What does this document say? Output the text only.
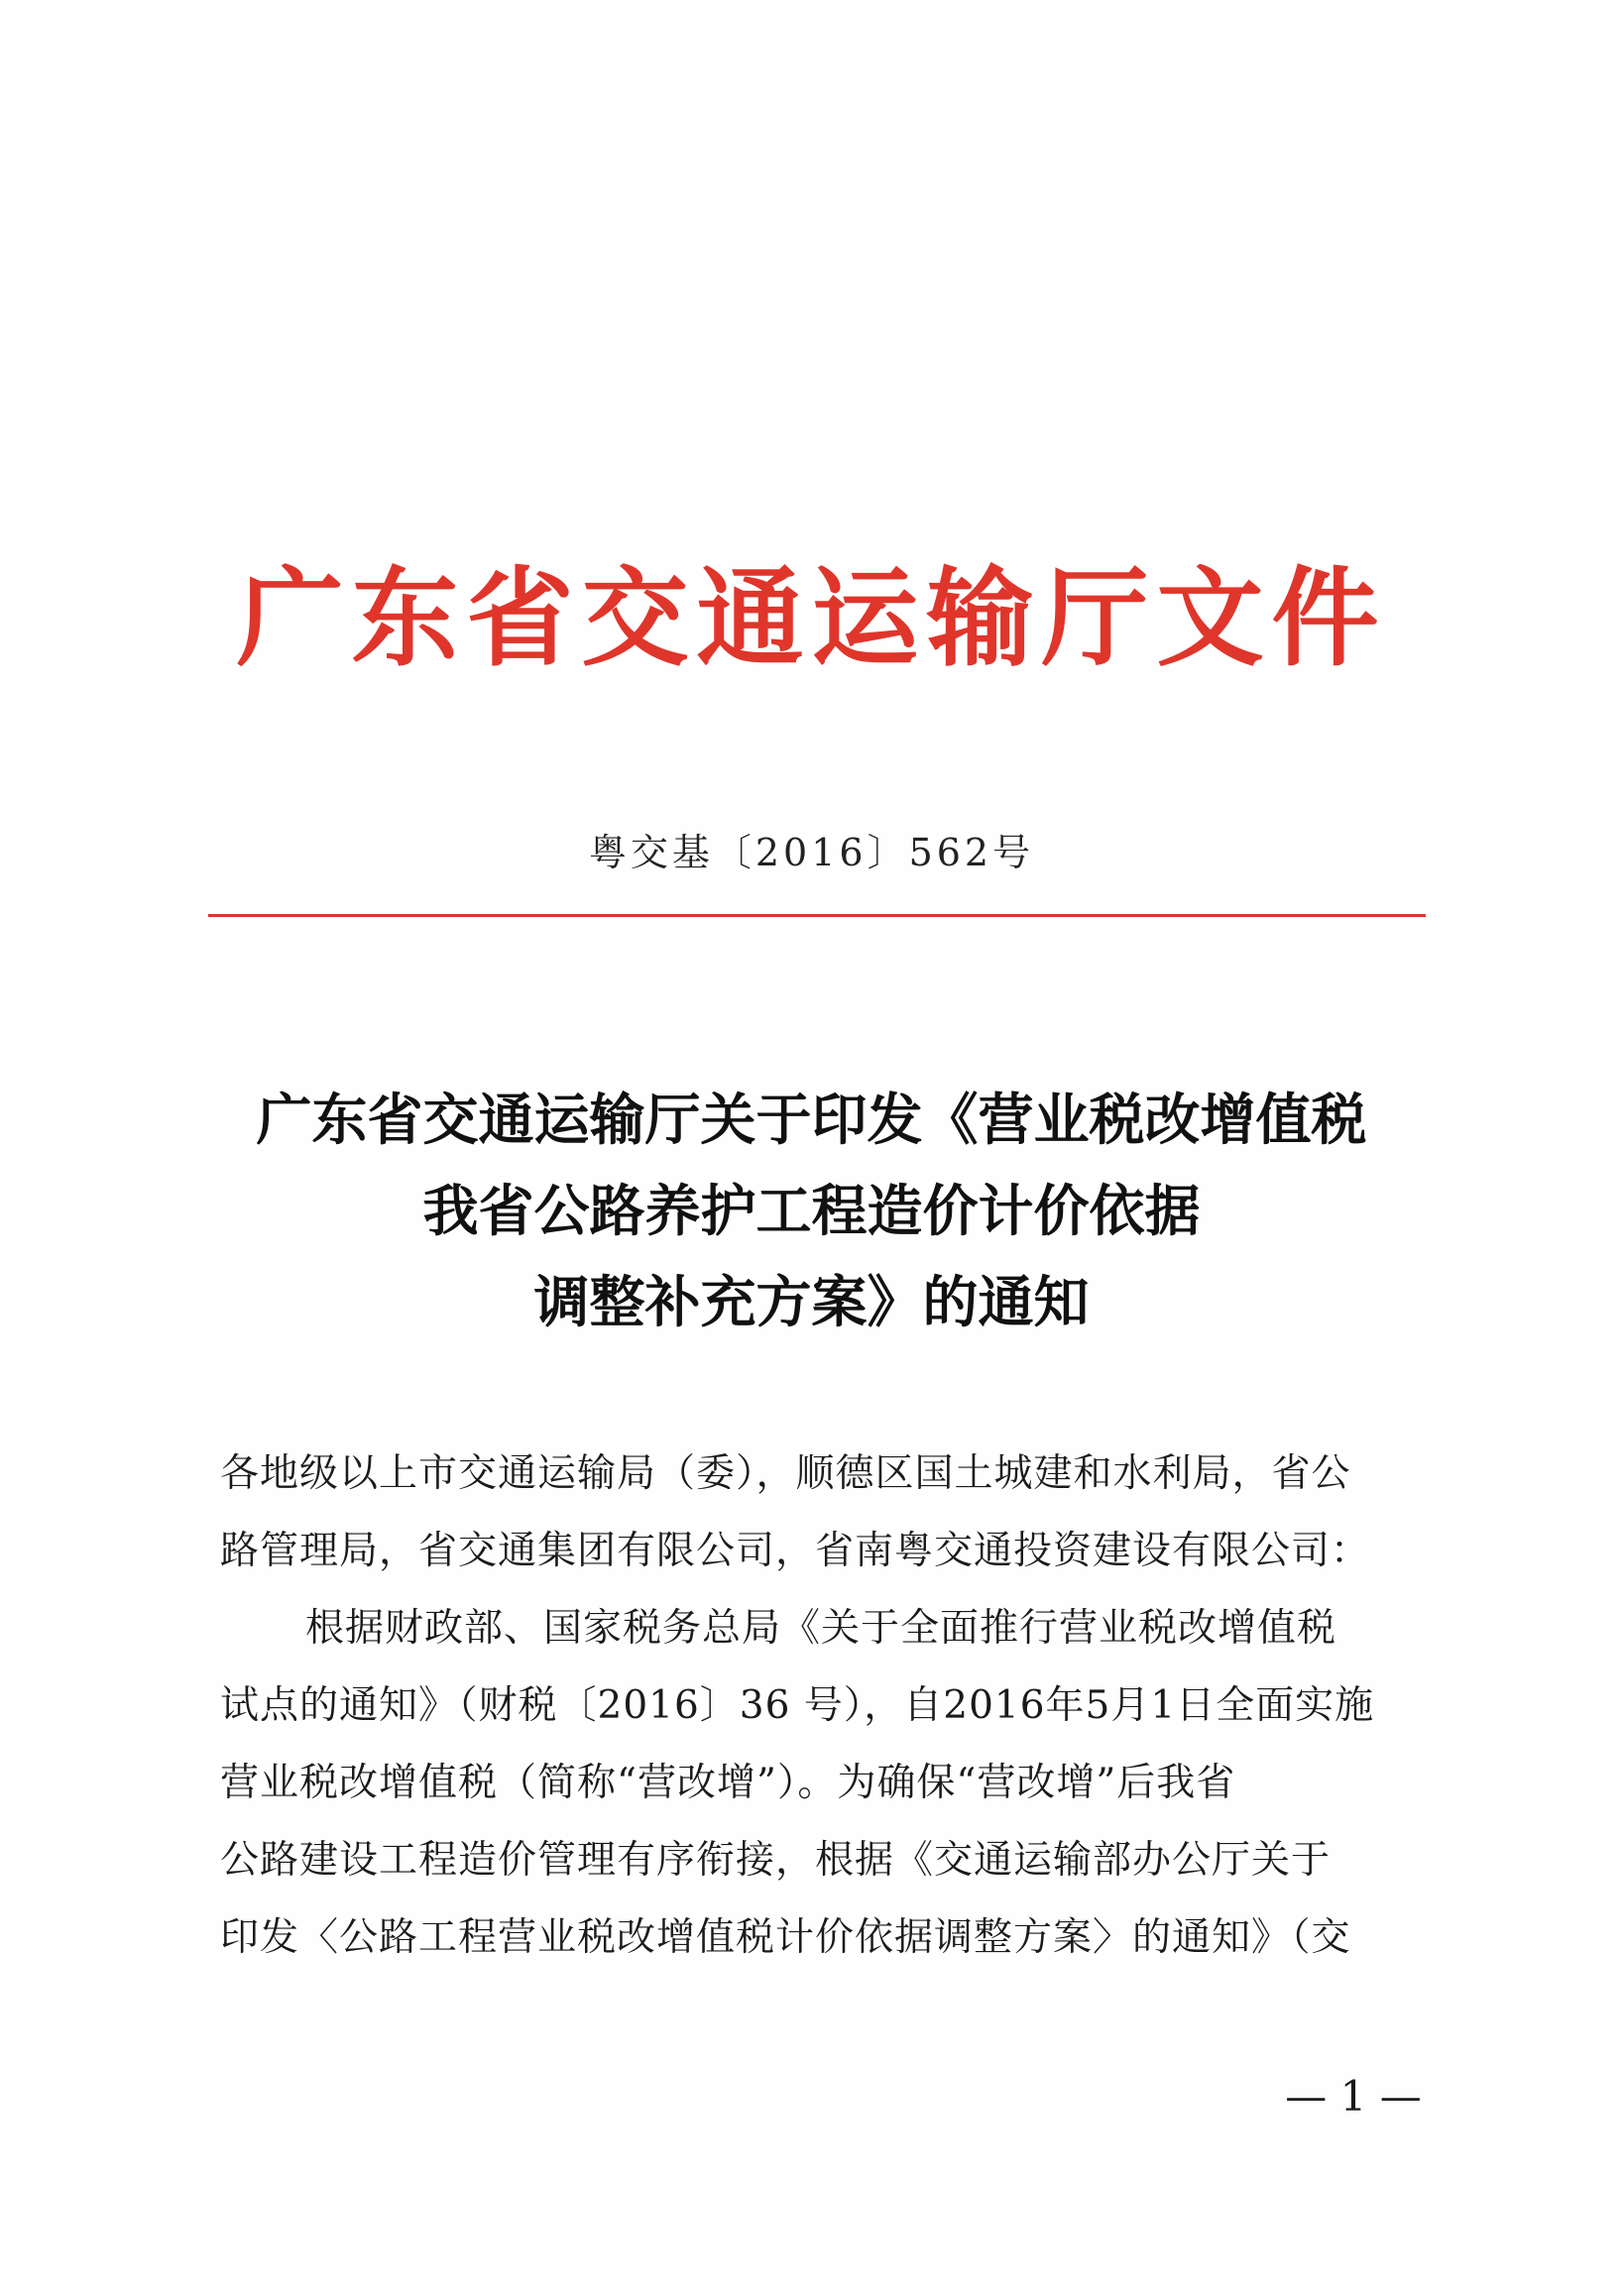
广东省交通运输厅文件
粤交基〔2016〕562号
广东省交通运输厅关于印发《营业税改增值税
我省公路养护工程造价计价依据
调整补充方案》的通知
各地级以上市交通运输局（委），顺德区国土城建和水利局，省公
路管理局，省交通集团有限公司，省南粤交通投资建设有限公司：
根据财政部、国家税务总局《关于全面推行营业税改增值税
试点的通知》（财税〔2016〕36 号），自2016年5月1日全面实施
营业税改增值税（简称“营改增”）。为确保“营改增”后我省
公路建设工程造价管理有序衔接，根据《交通运输部办公厅关于
印发〈公路工程营业税改增值税计价依据调整方案〉的通知》（交
— 1 —
